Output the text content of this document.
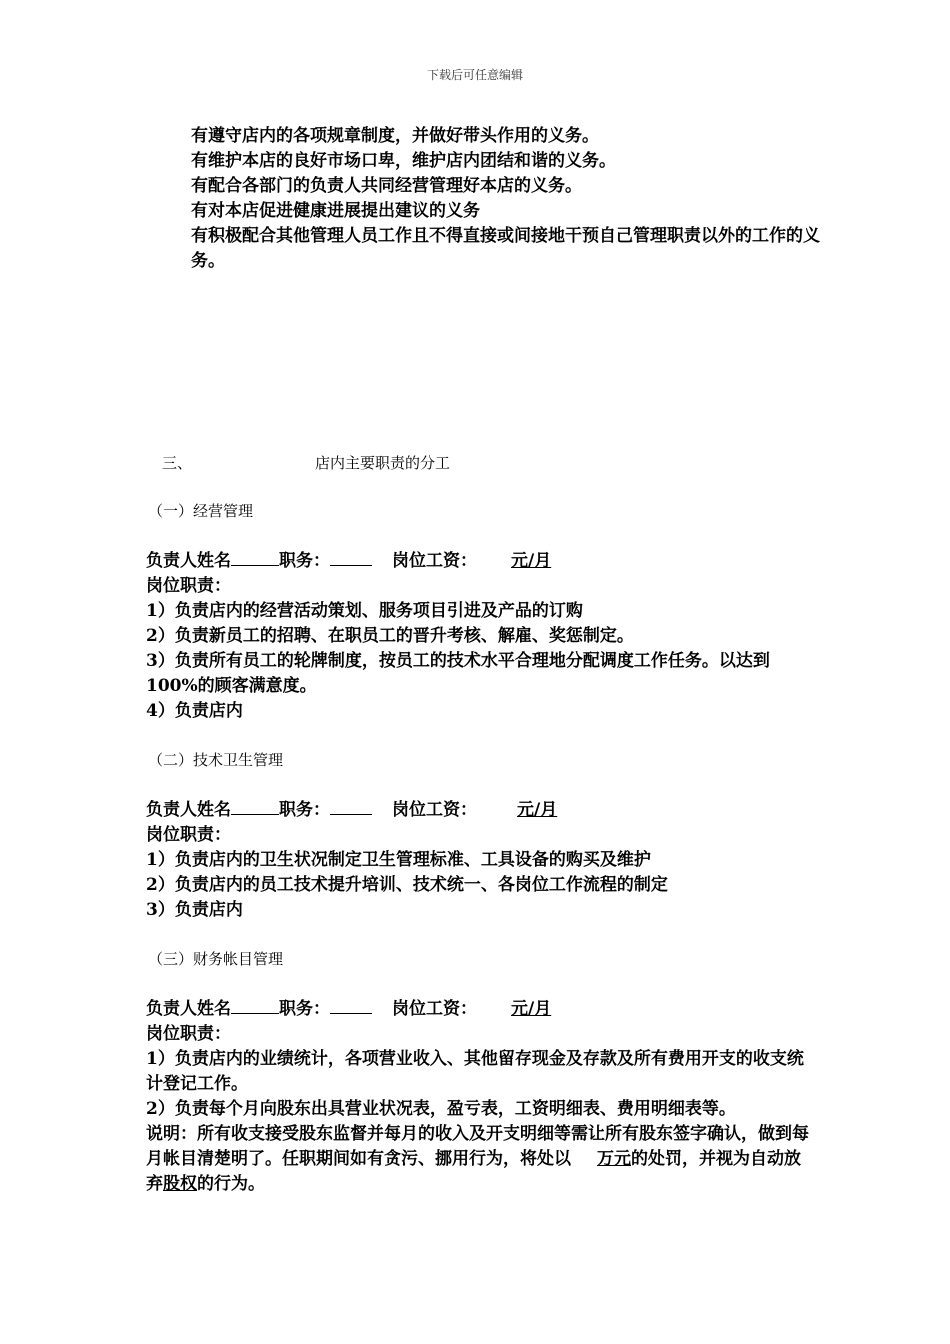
下载后可任意编辑
有遵守店内的各项规章制度，并做好带头作用的义务。
有维护本店的良好市场口卑，维护店内团结和谐的义务。
有配合各部门的负责人共同经营管理好本店的义务。
有对本店促进健康进展提出建议的义务
有积极配合其他管理人员工作且不得直接或间接地干预自己管理职责以外的工作的义务。
三、	店内主要职责的分工
（一）经营管理
负责人姓名	职务：	岗位工资： 元/月
岗位职责：
1）负责店内的经营活动策划、服务项目引进及产品的订购
2）负责新员工的招聘、在职员工的晋升考核、解雇、奖惩制定。
3）负责所有员工的轮牌制度，按员工的技术水平合理地分配调度工作任务。以达到100%的顾客满意度。
4）负责店内
（二）技术卫生管理
负责人姓名	职务：	岗位工资： 元/月
岗位职责：
1）负责店内的卫生状况制定卫生管理标准、工具设备的购买及维护
2）负责店内的员工技术提升培训、技术统一、各岗位工作流程的制定
3）负责店内
（三）财务帐目管理
负责人姓名	职务：	岗位工资： 元/月
岗位职责：
1）负责店内的业绩统计，各项营业收入、其他留存现金及存款及所有费用开支的收支统计登记工作。
2）负责每个月向股东出具营业状况表，盈亏表，工资明细表、费用明细表等。
说明：所有收支接受股东监督并每月的收入及开支明细等需让所有股东签字确认，做到每月帐目清楚明了。任职期间如有贪污、挪用行为，将处以 万元的处罚，并视为自动放弃股权的行为。
